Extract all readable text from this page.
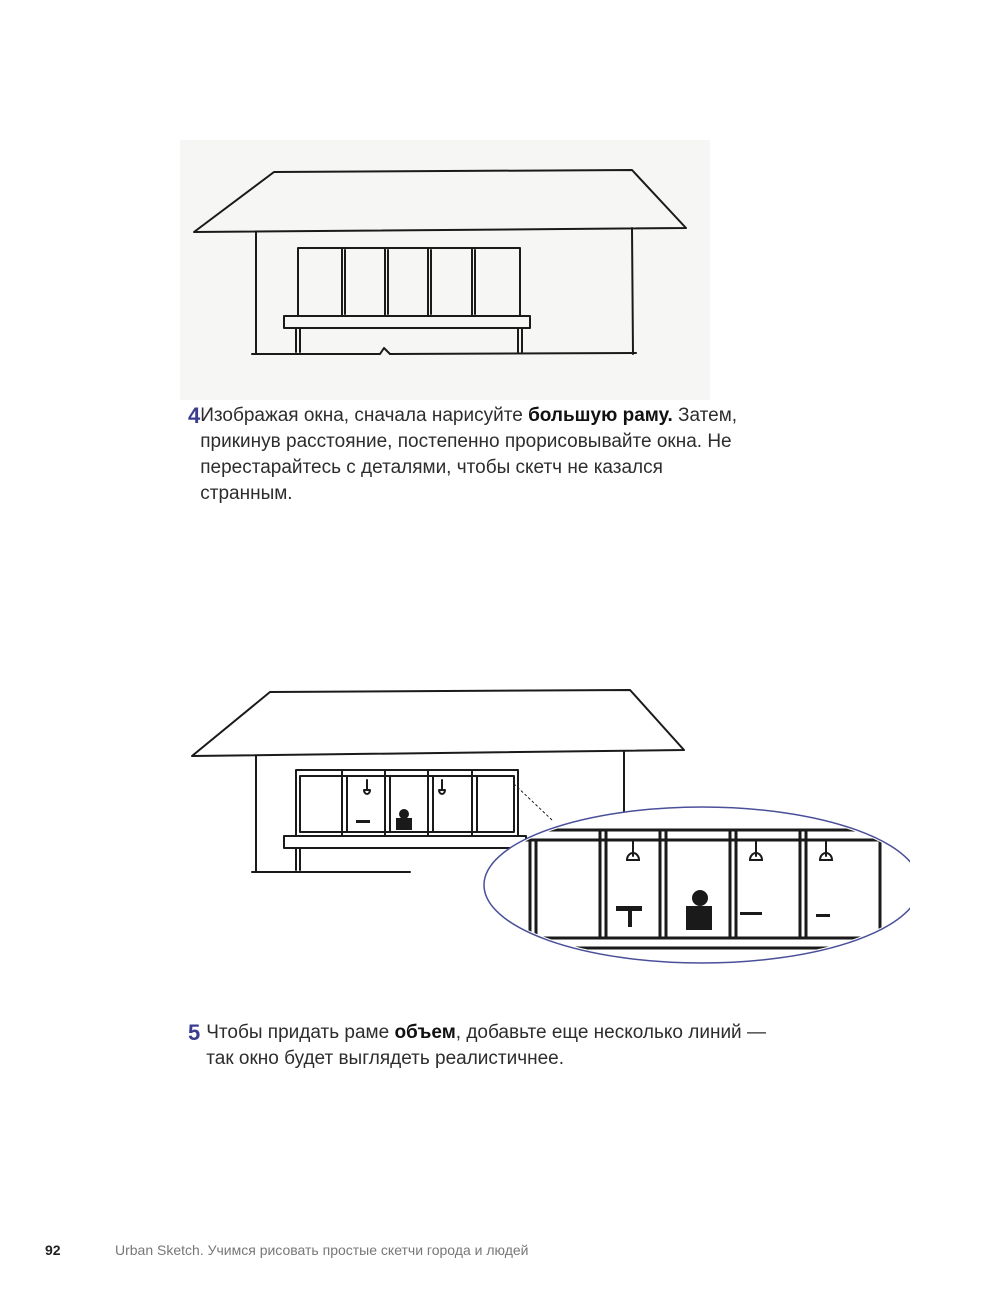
4 Изображая окна, сначала нарисуйте большую раму. Затем, прикинув расстояние, постепенно прорисовывайте окна. Не перестарайтесь с деталями, чтобы скетч не казался странным.
5 Чтобы придать раме объем, добавьте еще несколько линий — так окно будет выглядеть реалистичнее.
92	Urban Sketch. Учимся рисовать простые скетчи города и людей
